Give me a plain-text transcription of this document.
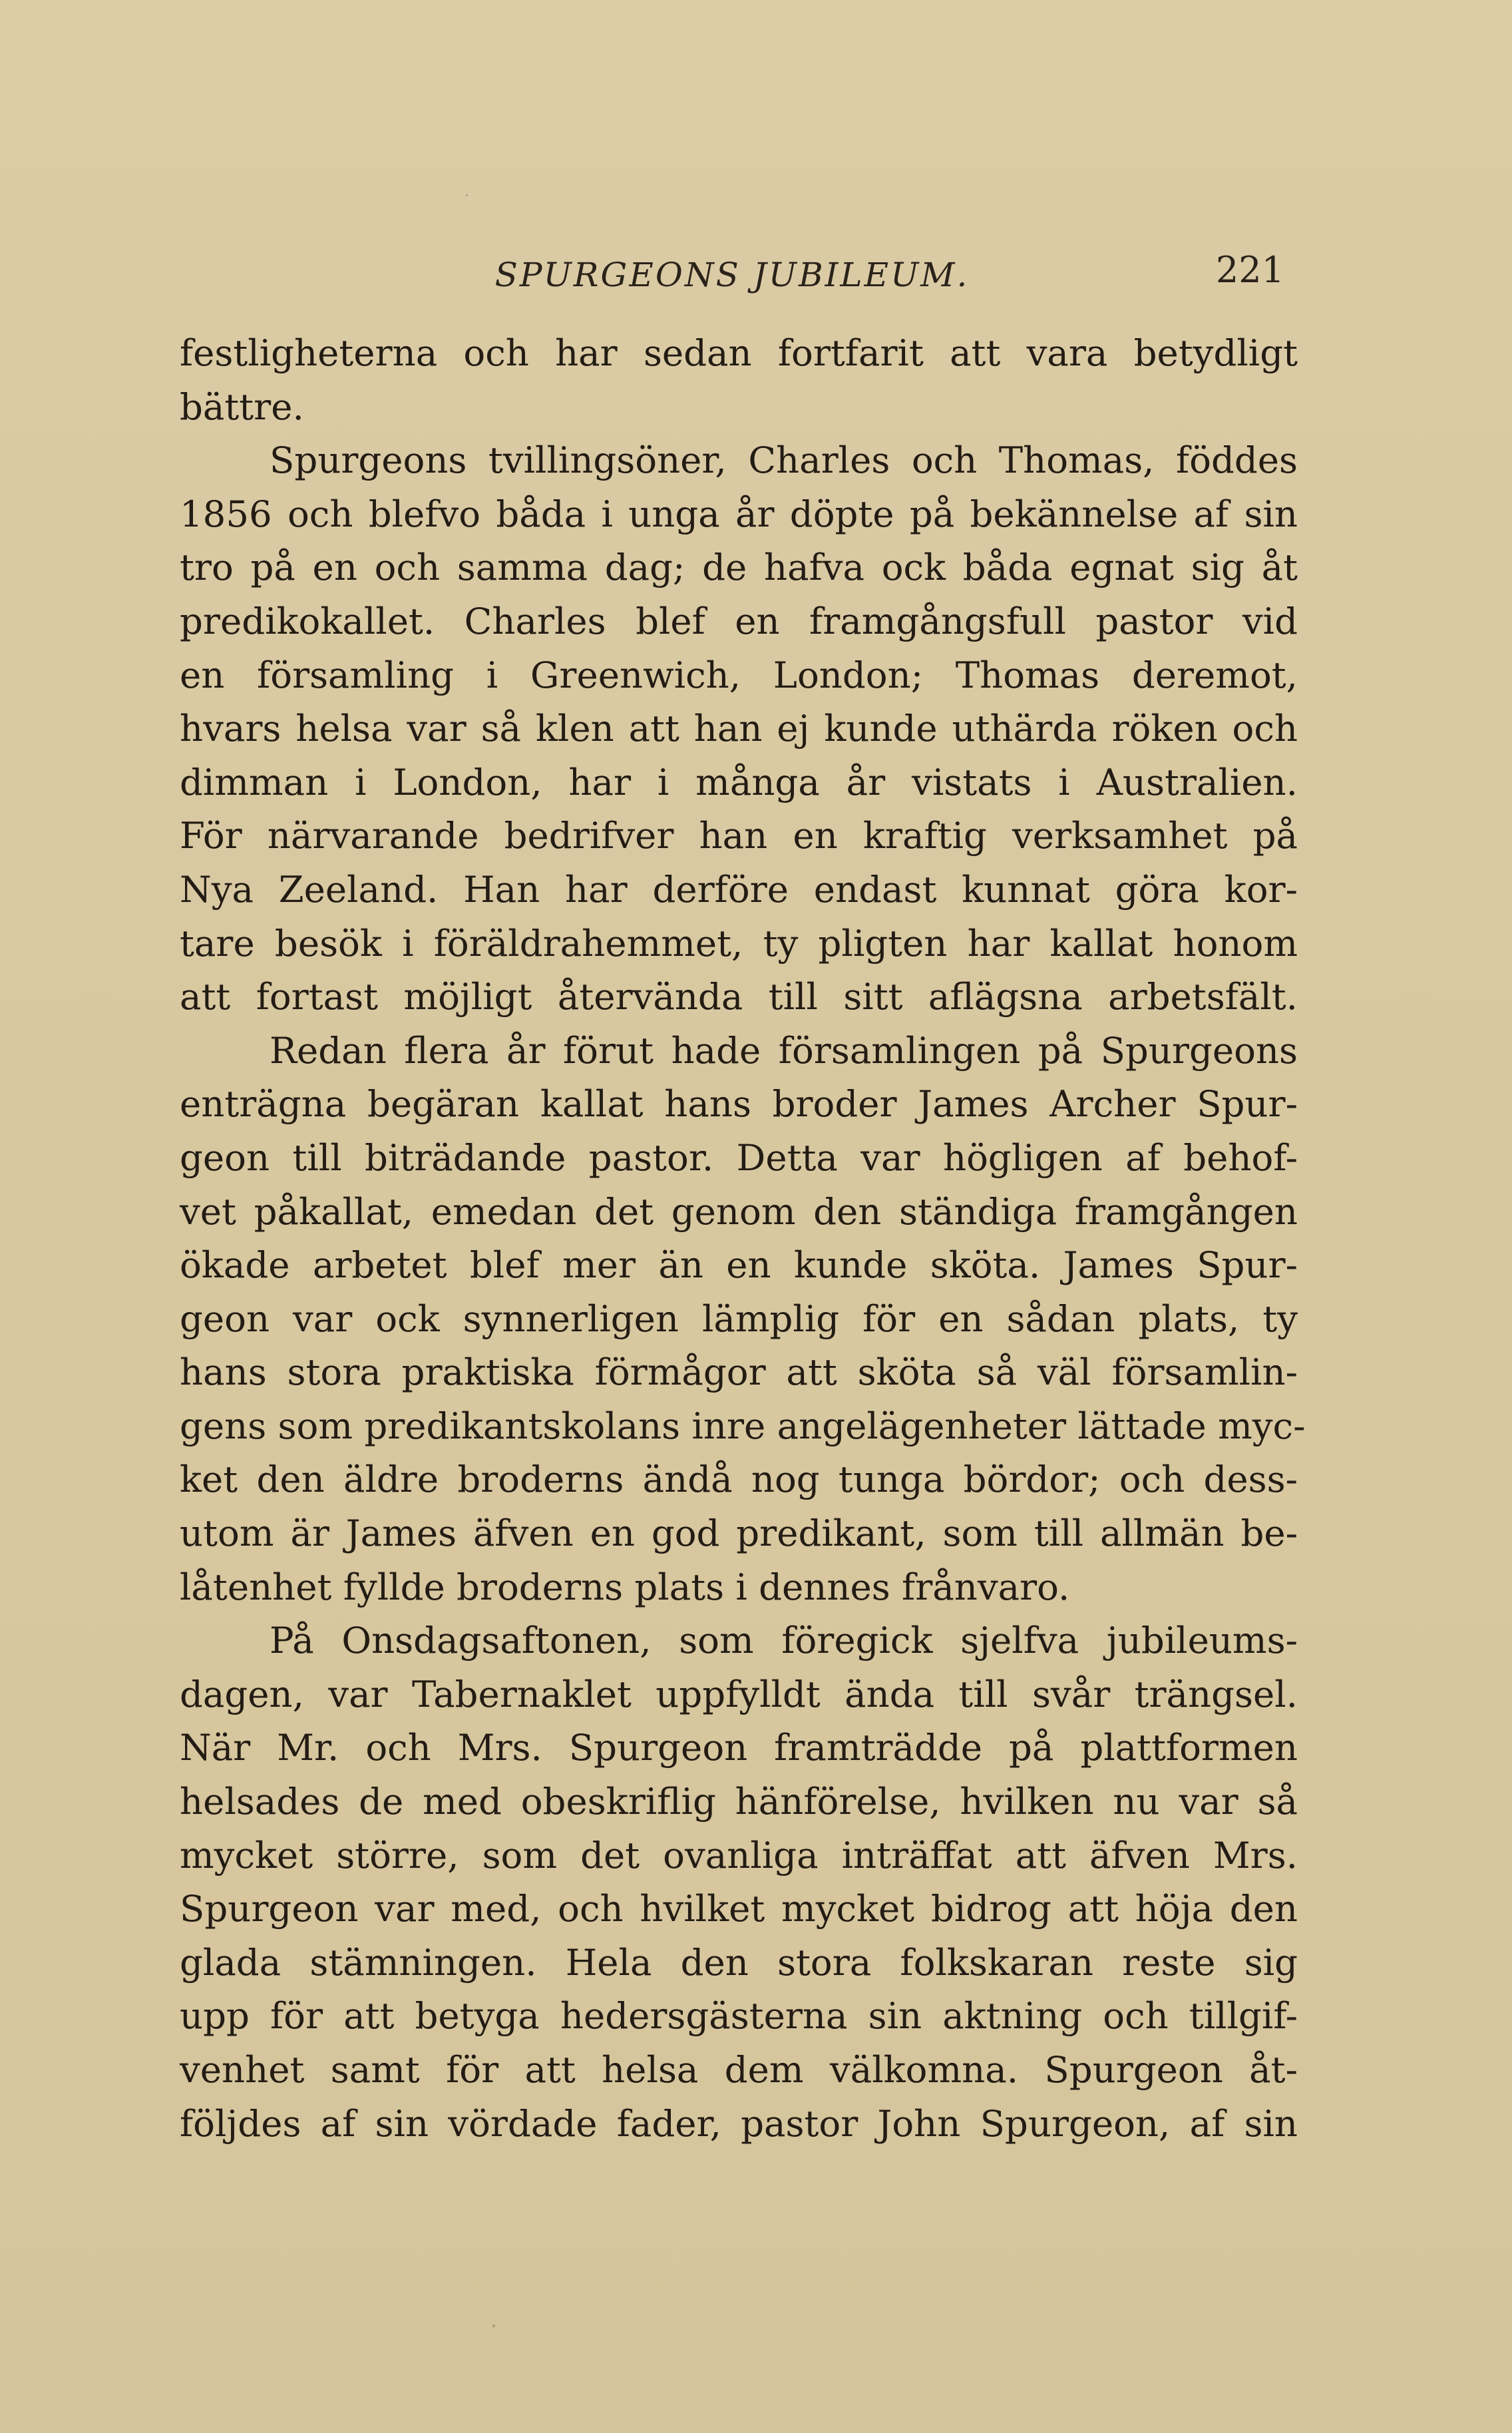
SPURGEONS JUBILEUM.	221
festligheterna och har sedan fortfarit att vara betydligt
bättre.
Spurgeons tvillingsöner, Charles och Thomas, föddes
1856 och blefvo båda i unga år döpte på bekännelse af sin
tro på en och samma dag; de hafva ock båda egnat sig åt
predikokallet. Charles blef en framgångsfull pastor vid
en församling i Greenwich, London; Thomas deremot,
hvars helsa var så klen att han ej kunde uthärda röken och
dimman i London, har i många år vistats i Australien.
För närvarande bedrifver han en kraftig verksamhet på
Nya Zeeland. Han har derföre endast kunnat göra kor-
tare besök i föräldrahemmet, ty pligten har kallat honom
att fortast möjligt återvända till sitt aflägsna arbetsfält.
Redan flera år förut hade församlingen på Spurgeons
enträgna begäran kallat hans broder James Archer Spur-
geon till biträdande pastor. Detta var högligen af behof-
vet påkallat, emedan det genom den ständiga framgången
ökade arbetet blef mer än en kunde sköta. James Spur-
geon var ock synnerligen lämplig för en sådan plats, ty
hans stora praktiska förmågor att sköta så väl församlin-
gens som predikantskolans inre angelägenheter lättade myc-
ket den äldre broderns ändå nog tunga bördor; och dess-
utom är James äfven en god predikant, som till allmän be-
låtenhet fyllde broderns plats i dennes frånvaro.
På Onsdagsaftonen, som föregick sjelfva jubileums-
dagen, var Tabernaklet uppfylldt ända till svår trängsel.
När Mr. och Mrs. Spurgeon framträdde på plattformen
helsades de med obeskriflig hänförelse, hvilken nu var så
mycket större, som det ovanliga inträffat att äfven Mrs.
Spurgeon var med, och hvilket mycket bidrog att höja den
glada stämningen. Hela den stora folkskaran reste sig
upp för att betyga hedersgästerna sin aktning och tillgif-
venhet samt för att helsa dem välkomna. Spurgeon åt-
följdes af sin vördade fader, pastor John Spurgeon, af sin
